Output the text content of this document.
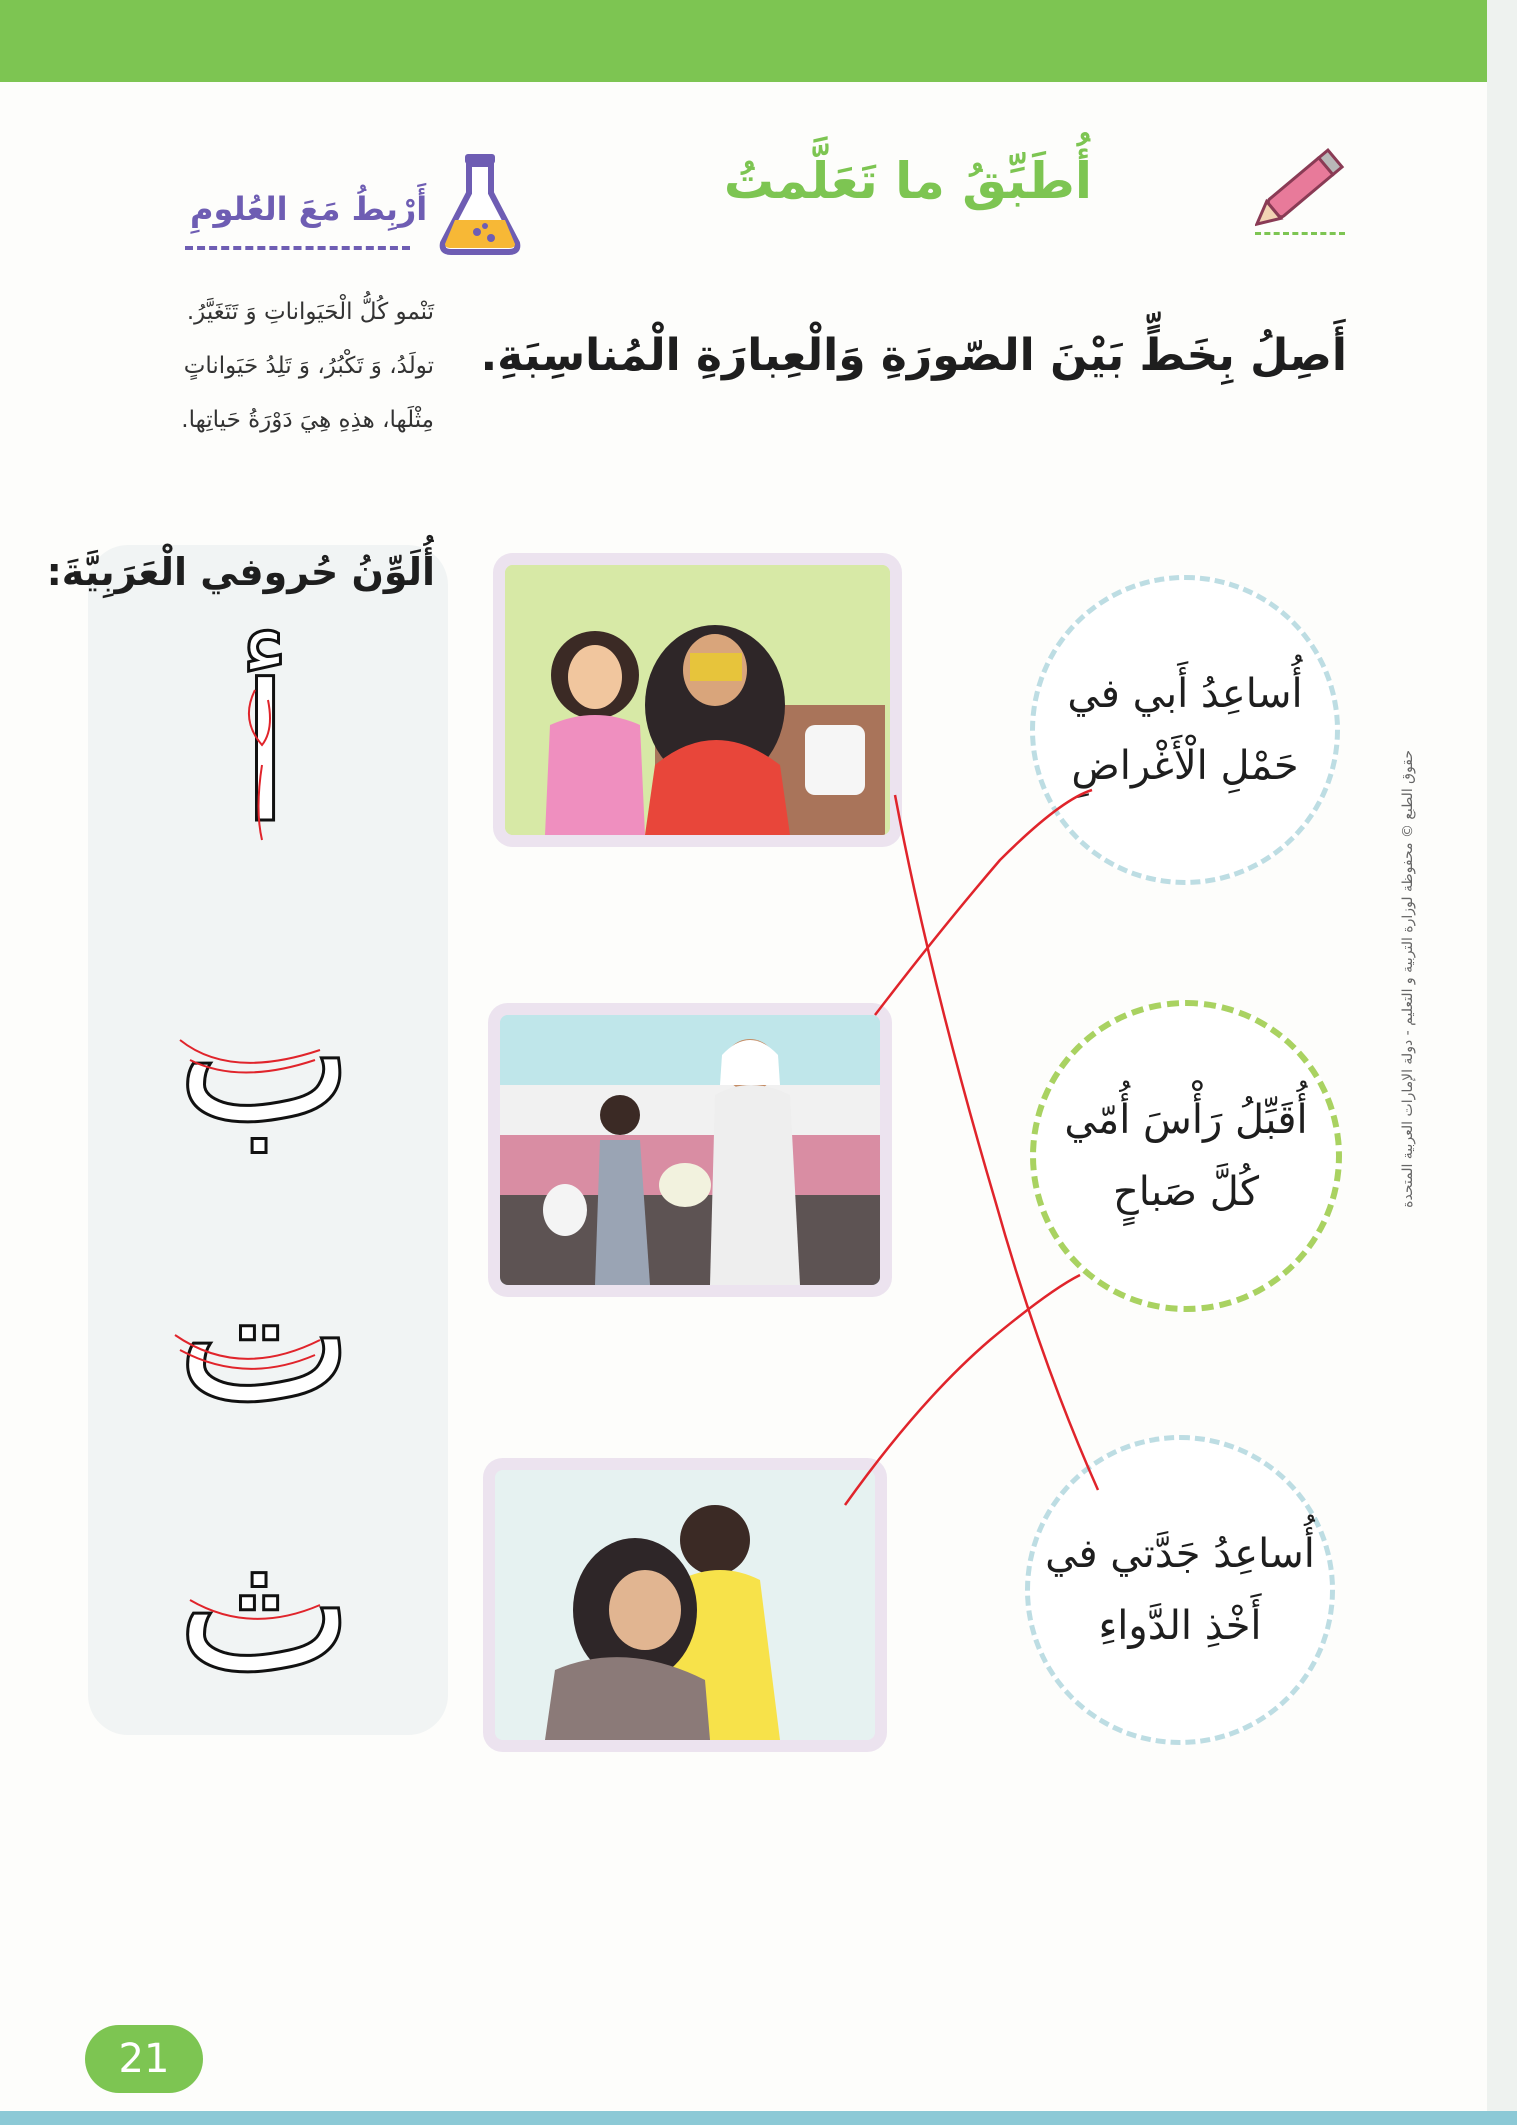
أُطَبِّقُ ما تَعَلَّمتُ
أَرْبِطُ مَعَ العُلومِ
تَنْمو كُلُّ الْحَيَواناتِ وَ تَتَغَيَّرُ.
تولَدُ، وَ تَكْبُرُ، وَ تَلِدُ حَيَواناتٍ
مِثْلَها، هذِهِ هِيَ دَوْرَةُ حَياتِها.
أَصِلُ بِخَطٍّ بَيْنَ الصّورَةِ وَالْعِبارَةِ الْمُناسِبَةِ.
أُلَوِّنُ حُروفي الْعَرَبِيَّةَ:
أ
ب
ت
ث
أُساعِدُ أَبي في
حَمْلِ الْأَغْراضِ
أُقَبِّلُ رَأْسَ أُمّي
كُلَّ صَباحٍ
أُساعِدُ جَدَّتي في
أَخْذِ الدَّواءِ
حقوق الطبع © محفوظة لوزارة التربية و التعليم - دولة الإمارات العربية المتحدة
21
